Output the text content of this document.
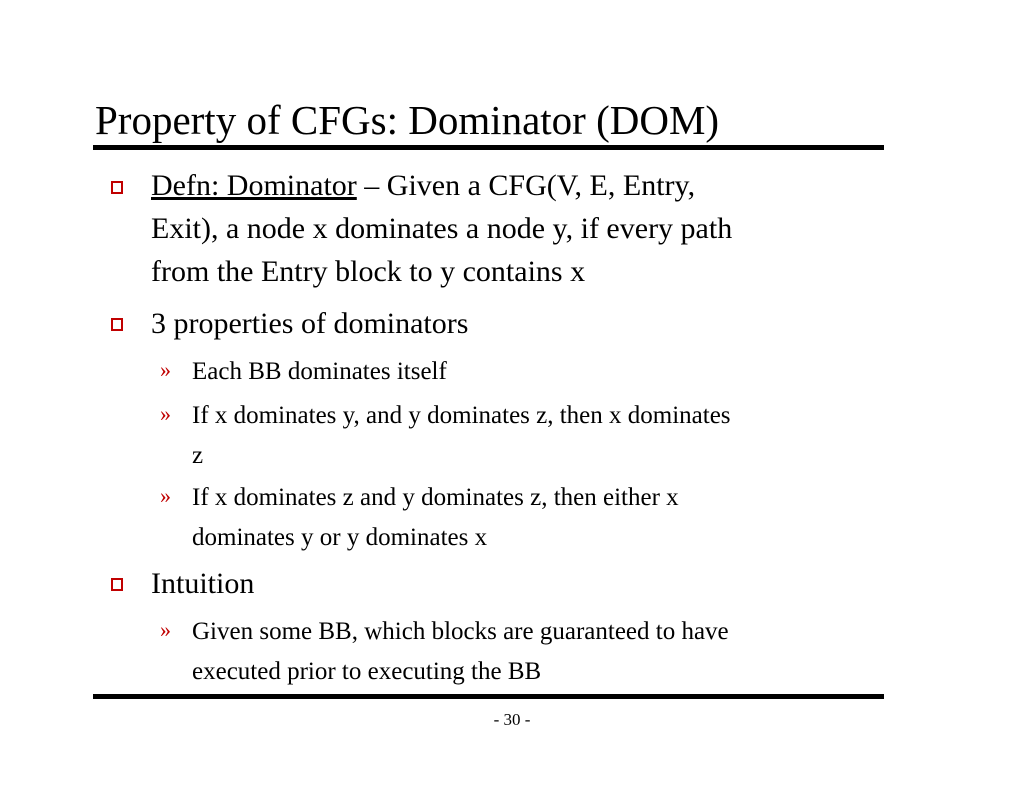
Property of CFGs: Dominator (DOM)
Defn: Dominator – Given a CFG(V, E, Entry,
Exit), a node x dominates a node y, if every path
from the Entry block to y contains x
3 properties of dominators
» Each BB dominates itself
» If x dominates y, and y dominates z, then x dominates
z
» If x dominates z and y dominates z, then either x
dominates y or y dominates x
Intuition
» Given some BB, which blocks are guaranteed to have
executed prior to executing the BB
- 30 -
